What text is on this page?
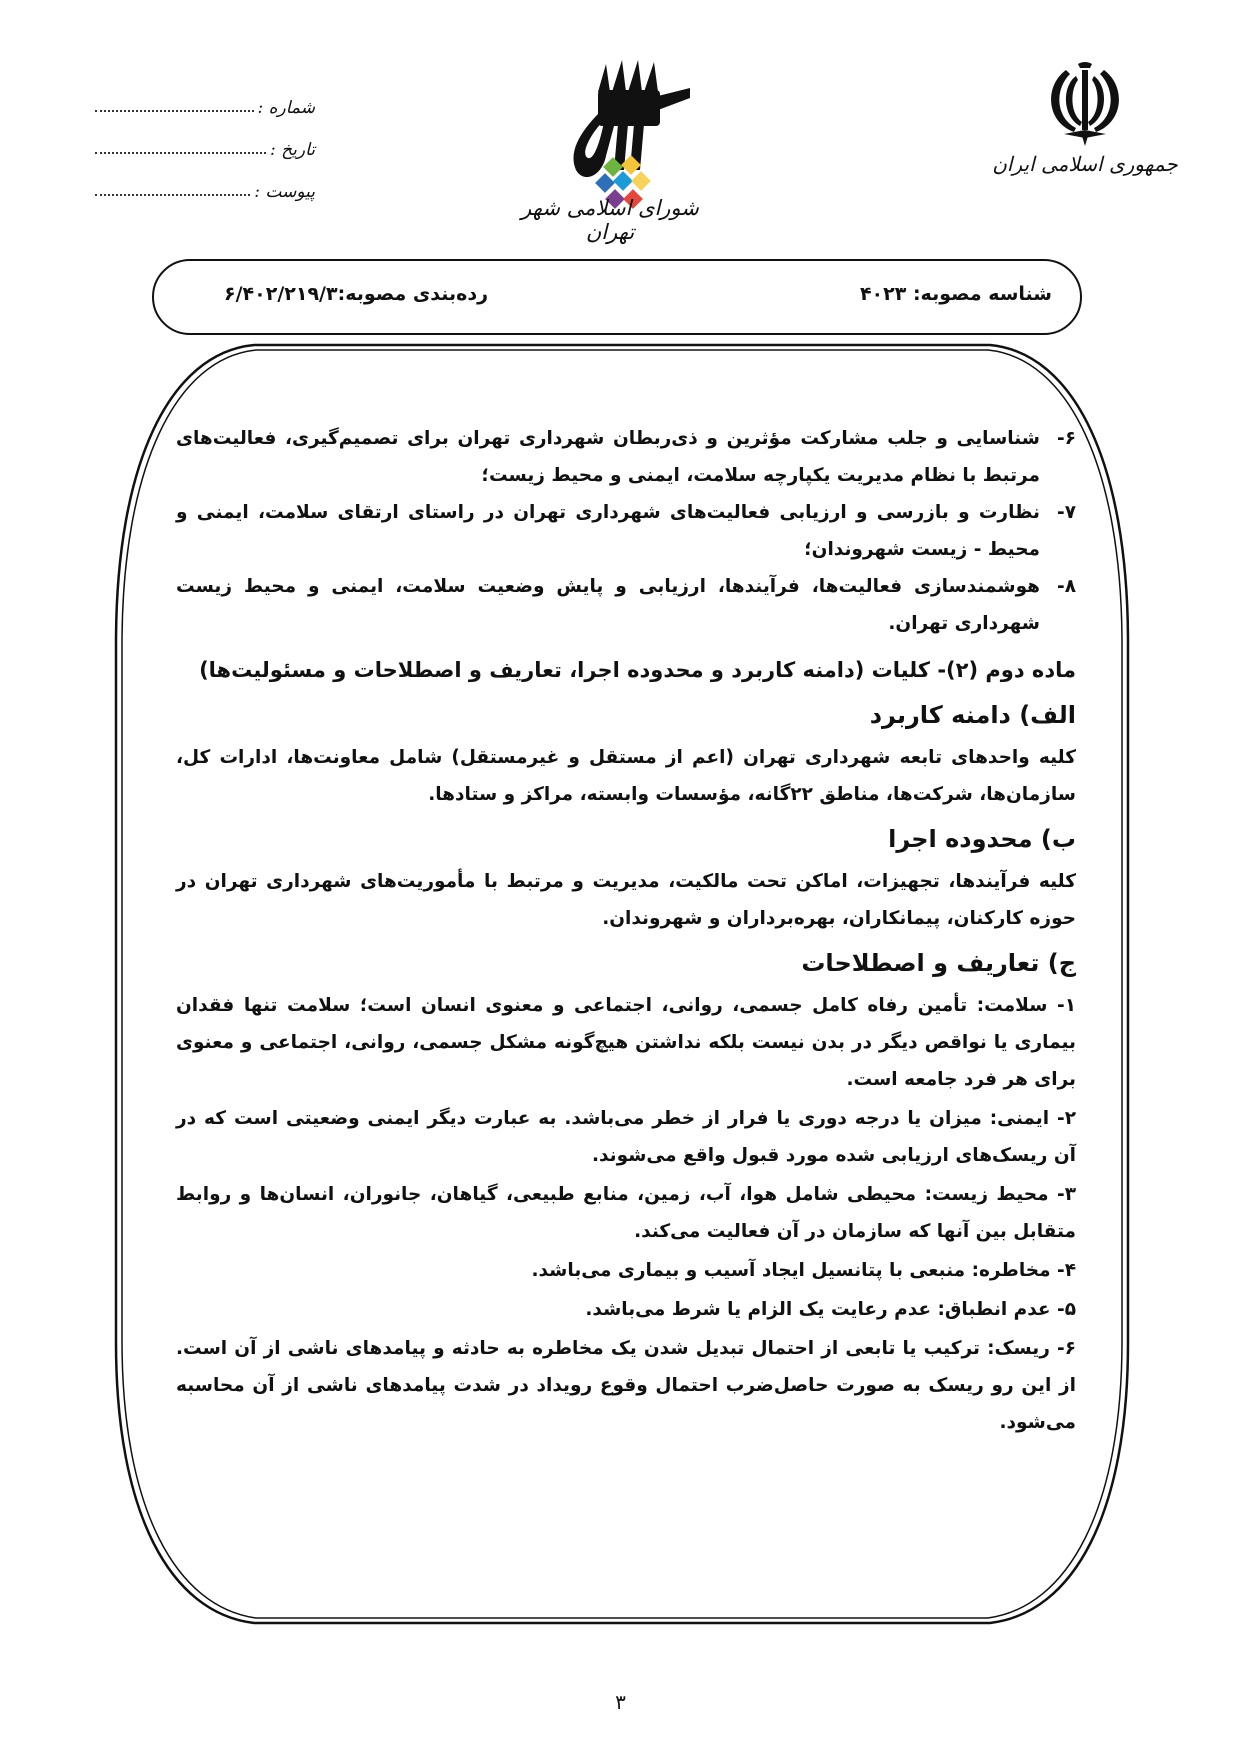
شماره :
تاریخ :
پیوست :
شورای اسلامی شهر تهران
جمهوری اسلامی ایران
شناسه مصوبه: ۴۰۲۳
رده‌بندی مصوبه:۶/۴۰۲/۲۱۹/۳

۶-
شناسایی و جلب مشارکت مؤثرین و ذی‌ربطان شهرداری تهران برای تصمیم‌گیری، فعالیت‌های مرتبط با نظام مدیریت یکپارچه سلامت، ایمنی و محیط زیست؛

۷-
نظارت و بازرسی و ارزیابی فعالیت‌های شهرداری تهران در راستای ارتقای سلامت، ایمنی و محیط - زیست شهروندان؛

۸-
هوشمندسازی فعالیت‌ها، فرآیندها، ارزیابی و پایش وضعیت سلامت، ایمنی و محیط زیست شهرداری تهران.

ماده دوم (۲)- کلیات (دامنه کاربرد و محدوده اجرا، تعاریف و اصطلاحات و مسئولیت‌ها)
الف) دامنه کاربرد

کلیه واحدهای تابعه شهرداری تهران (اعم از مستقل و غیرمستقل) شامل معاونت‌ها، ادارات کل، سازمان‌ها، شرکت‌ها، مناطق ۲۲گانه، مؤسسات وابسته، مراکز و ستادها.

ب) محدوده اجرا

کلیه فرآیندها، تجهیزات، اماکن تحت مالکیت، مدیریت و مرتبط با مأموریت‌های شهرداری تهران در حوزه کارکنان، پیمانکاران، بهره‌برداران و شهروندان.

ج) تعاریف و اصطلاحات

۱- سلامت: تأمین رفاه کامل جسمی، روانی، اجتماعی و معنوی انسان است؛ سلامت تنها فقدان بیماری یا نواقص دیگر در بدن نیست بلکه نداشتن هیچ‌گونه مشکل جسمی، روانی، اجتماعی و معنوی برای هر فرد جامعه است.

۲- ایمنی: میزان یا درجه دوری یا فرار از خطر می‌باشد. به عبارت دیگر ایمنی وضعیتی است که در آن ریسک‌های ارزیابی شده مورد قبول واقع می‌شوند.

۳- محیط زیست: محیطی شامل هوا، آب، زمین، منابع طبیعی، گیاهان، جانوران، انسان‌ها و روابط متقابل بین آنها که سازمان در آن فعالیت می‌کند.

۴- مخاطره: منبعی با پتانسیل ایجاد آسیب و بیماری می‌باشد.

۵- عدم انطباق: عدم رعایت یک الزام یا شرط می‌باشد.

۶- ریسک: ترکیب یا تابعی از احتمال تبدیل شدن یک مخاطره به حادثه و پیامدهای ناشی از آن است. از این رو ریسک به صورت حاصل‌ضرب احتمال وقوع رویداد در شدت پیامدهای ناشی از آن محاسبه می‌شود.

۳
